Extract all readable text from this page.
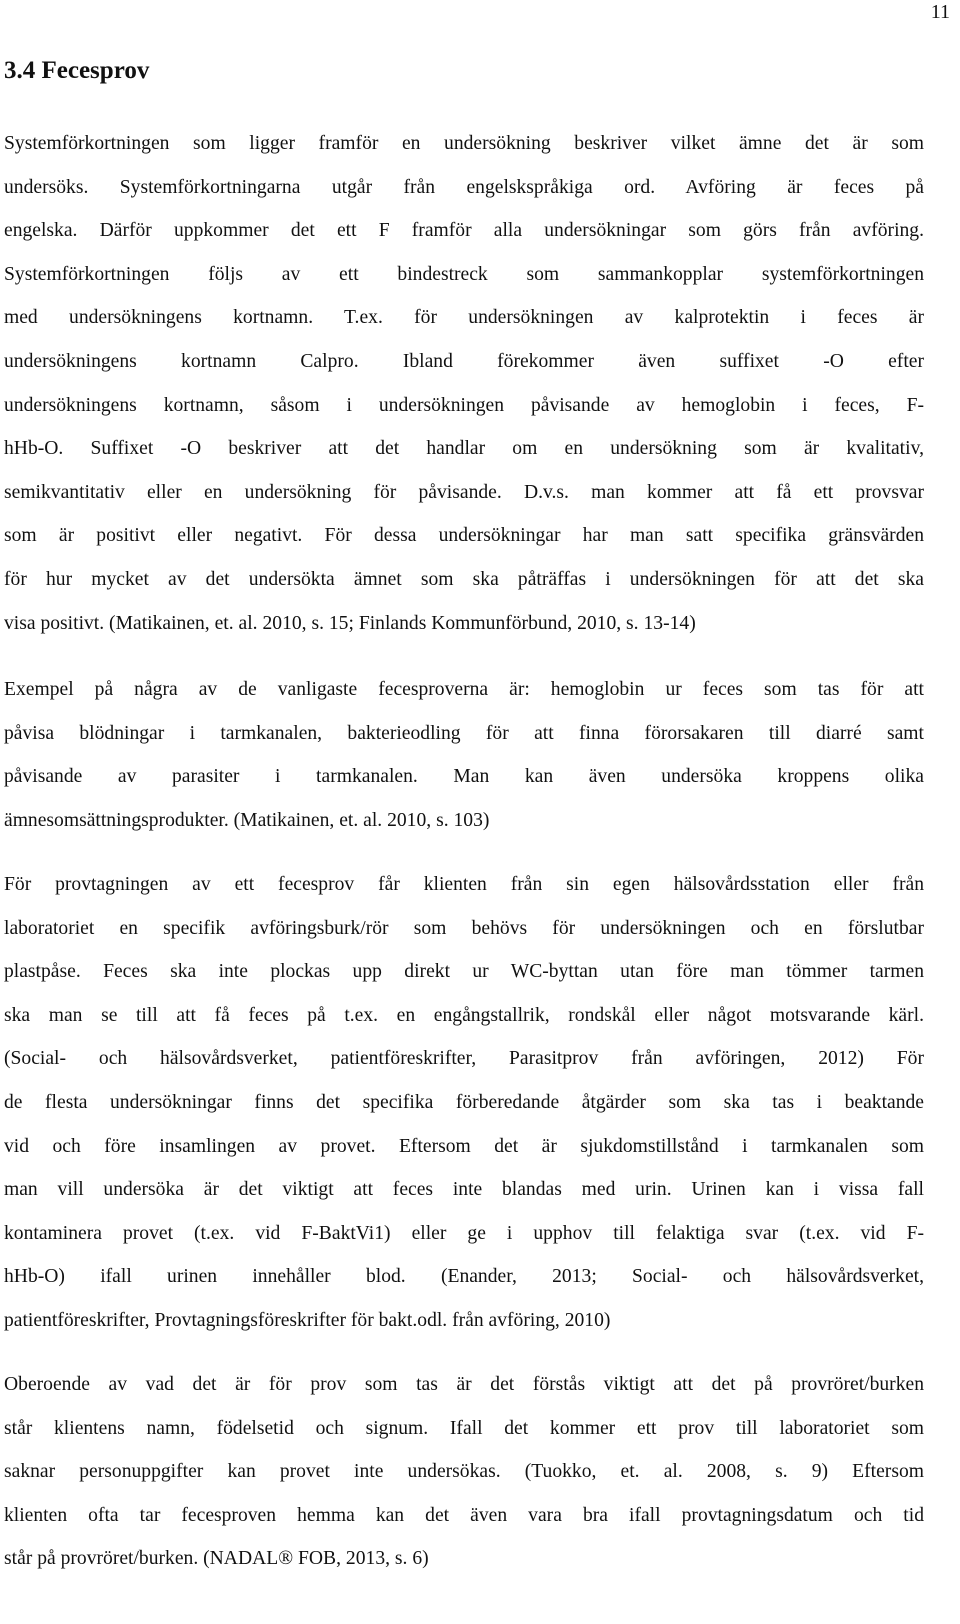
11
3.4 Fecesprov
Systemförkortningen som ligger framför en undersökning beskriver vilket ämne det är som
undersöks. Systemförkortningarna utgår från engelskspråkiga ord. Avföring är feces på
engelska. Därför uppkommer det ett F framför alla undersökningar som görs från avföring.
Systemförkortningen följs av ett bindestreck som sammankopplar systemförkortningen
med undersökningens kortnamn. T.ex. för undersökningen av kalprotektin i feces är
undersökningens kortnamn Calpro. Ibland förekommer även suffixet -O efter
undersökningens kortnamn, såsom i undersökningen påvisande av hemoglobin i feces, F-
hHb-O. Suffixet -O beskriver att det handlar om en undersökning som är kvalitativ,
semikvantitativ eller en undersökning för påvisande. D.v.s. man kommer att få ett provsvar
som är positivt eller negativt. För dessa undersökningar har man satt specifika gränsvärden
för hur mycket av det undersökta ämnet som ska påträffas i undersökningen för att det ska
visa positivt. (Matikainen, et. al. 2010, s. 15; Finlands Kommunförbund, 2010, s. 13-14)
Exempel på några av de vanligaste fecesproverna är: hemoglobin ur feces som tas för att
påvisa blödningar i tarmkanalen, bakterieodling för att finna förorsakaren till diarré samt
påvisande av parasiter i tarmkanalen. Man kan även undersöka kroppens olika
ämnesomsättningsprodukter. (Matikainen, et. al. 2010, s. 103)
För provtagningen av ett fecesprov får klienten från sin egen hälsovårdsstation eller från
laboratoriet en specifik avföringsburk/rör som behövs för undersökningen och en förslutbar
plastpåse. Feces ska inte plockas upp direkt ur WC-byttan utan före man tömmer tarmen
ska man se till att få feces på t.ex. en engångstallrik, rondskål eller något motsvarande kärl.
(Social- och hälsovårdsverket, patientföreskrifter, Parasitprov från avföringen, 2012) För
de flesta undersökningar finns det specifika förberedande åtgärder som ska tas i beaktande
vid och före insamlingen av provet. Eftersom det är sjukdomstillstånd i tarmkanalen som
man vill undersöka är det viktigt att feces inte blandas med urin. Urinen kan i vissa fall
kontaminera provet (t.ex. vid F-BaktVi1) eller ge i upphov till felaktiga svar (t.ex. vid F-
hHb-O) ifall urinen innehåller blod. (Enander, 2013; Social- och hälsovårdsverket,
patientföreskrifter, Provtagningsföreskrifter för bakt.odl. från avföring, 2010)
Oberoende av vad det är för prov som tas är det förstås viktigt att det på provröret/burken
står klientens namn, födelsetid och signum. Ifall det kommer ett prov till laboratoriet som
saknar personuppgifter kan provet inte undersökas. (Tuokko, et. al. 2008, s. 9) Eftersom
klienten ofta tar fecesproven hemma kan det även vara bra ifall provtagningsdatum och tid
står på provröret/burken. (NADAL® FOB, 2013, s. 6)
